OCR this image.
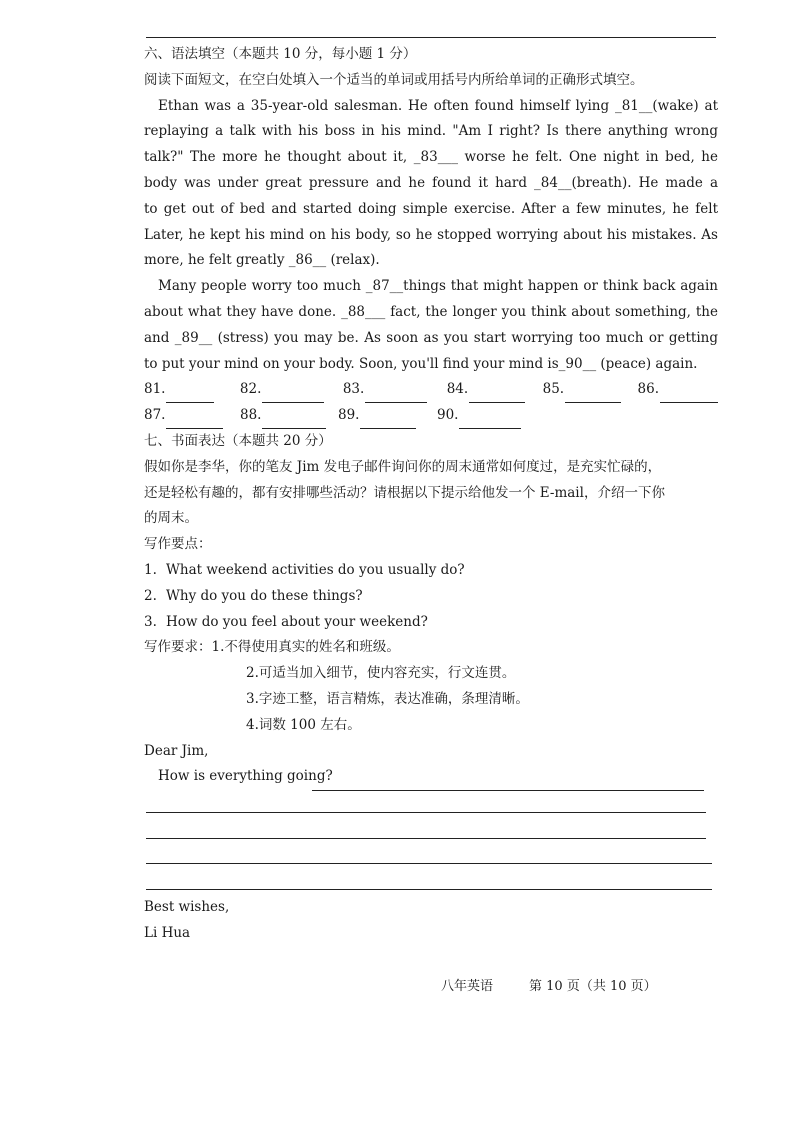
六、语法填空（本题共 10 分，每小题 1 分）
阅读下面短文，在空白处填入一个适当的单词或用括号内所给单词的正确形式填空。
Ethan was a 35-year-old salesman. He often found himself lying _81__(wake) at
replaying a talk with his boss in his mind. "Am I right? Is there anything wrong
talk?" The more he thought about it, _83___ worse he felt. One night in bed, he
body was under great pressure and he found it hard _84__(breath). He made a
to get out of bed and started doing simple exercise. After a few minutes, he felt
Later, he kept his mind on his body, so he stopped worrying about his mistakes. As
more, he felt greatly _86__ (relax).
Many people worry too much _87__things that might happen or think back again
about what they have done. _88___ fact, the longer you think about something, the
and _89__ (stress) you may be. As soon as you start worrying too much or getting
to put your mind on your body. Soon, you'll find your mind is_90__ (peace) again.
81.	82.	83.	84.	85.	86.
87.	88.	89.	90.
七、书面表达（本题共 20 分）
假如你是李华，你的笔友 Jim 发电子邮件询问你的周末通常如何度过，是充实忙碌的，
还是轻松有趣的，都有安排哪些活动？请根据以下提示给他发一个 E-mail，介绍一下你
的周末。
写作要点：
1. What weekend activities do you usually do?
2. Why do you do these things?
3. How do you feel about your weekend?
写作要求：1.不得使用真实的姓名和班级。
2.可适当加入细节，使内容充实，行文连贯。
3.字迹工整，语言精炼，表达准确，条理清晰。
4.词数 100 左右。
Dear Jim,
How is everything going?
Best wishes,
Li Hua
八年英语	第 10 页（共 10 页）
